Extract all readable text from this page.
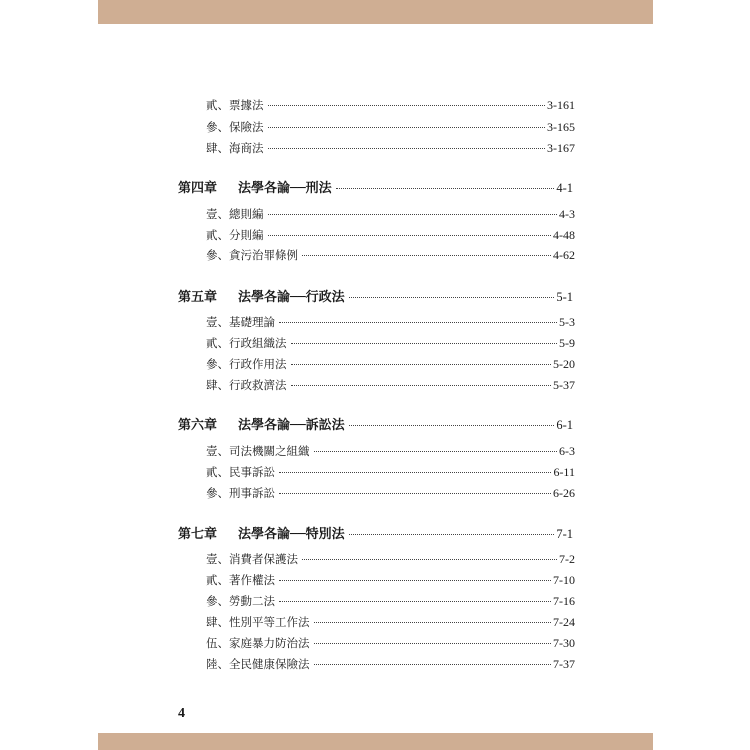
貳、票據法	3-161
參、保險法	3-165
肆、海商法	3-167
第四章 法學各論──刑法	4-1
壹、總則編	4-3
貳、分則編	4-48
參、貪污治罪條例	4-62
第五章 法學各論──行政法	5-1
壹、基礎理論	5-3
貳、行政組織法	5-9
參、行政作用法	5-20
肆、行政救濟法	5-37
第六章 法學各論──訴訟法	6-1
壹、司法機關之組織	6-3
貳、民事訴訟	6-11
參、刑事訴訟	6-26
第七章 法學各論──特別法	7-1
壹、消費者保護法	7-2
貳、著作權法	7-10
參、勞動二法	7-16
肆、性別平等工作法	7-24
伍、家庭暴力防治法	7-30
陸、全民健康保險法	7-37
4
